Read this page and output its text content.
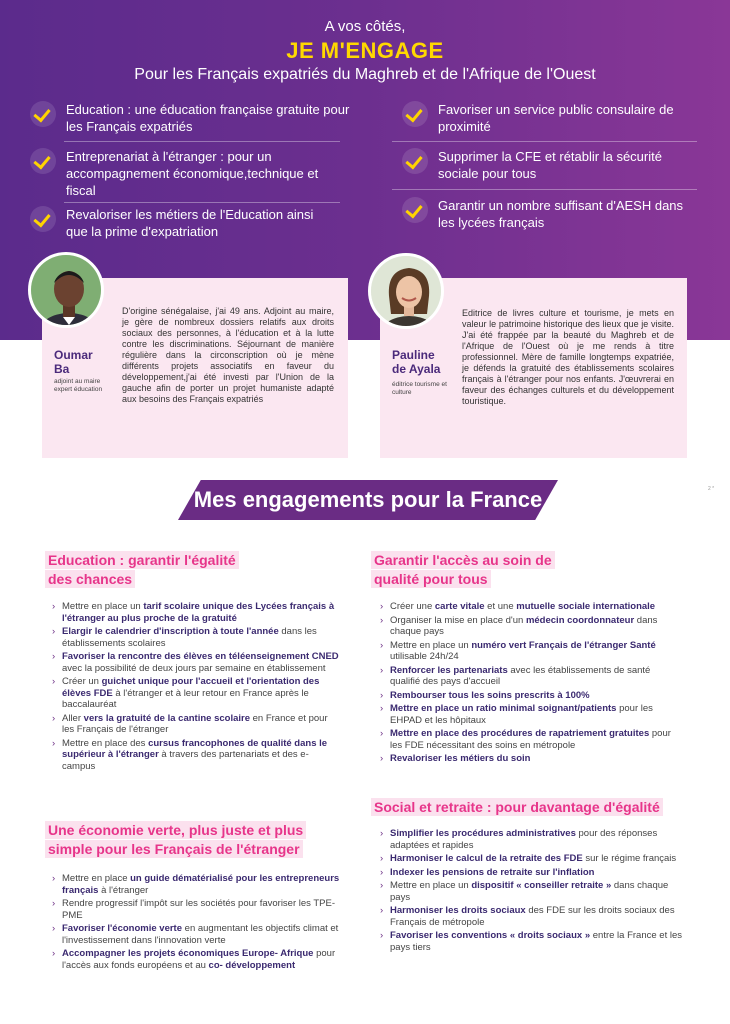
A vos côtés,
JE M'ENGAGE
Pour les Français expatriés du Maghreb et de l'Afrique de l'Ouest
Education : une éducation française gratuite pour les Français expatriés
Entreprenariat à l'étranger : pour un accompagnement économique,technique et fiscal
Revaloriser les métiers de l'Education ainsi que la prime d'expatriation
Favoriser un service public consulaire de proximité
Supprimer la CFE et rétablir la sécurité sociale pour tous
Garantir un nombre suffisant d'AESH dans les lycées français
Oumar
Ba
adjoint au maire expert éducation
D'origine sénégalaise, j'ai 49 ans. Adjoint au maire, je gère de nombreux dossiers relatifs aux droits sociaux des personnes, à l'éducation et à la lutte contre les discriminations. Séjournant de manière régulière dans la circonscription où je mène différents projets associatifs en faveur du développement,j'ai été investi par l'Union de la gauche afin de porter un projet humaniste adapté aux besoins des Français expatriés
Pauline
de Ayala
éditrice tourisme et culture
Editrice de livres culture et tourisme, je mets en valeur le patrimoine historique des lieux que je visite. J'ai été frappée par la beauté du Maghreb et de l'Afrique de l'Ouest où je me rends à titre professionnel. Mère de famille longtemps expatriée, je défends la gratuité des établissements scolaires français à l'étranger pour nos enfants. J'œuvrerai en faveur des échanges culturels et du développement touristique.
Mes engagements pour la France	2 *
Education : garantir l'égalité des chances
› Mettre en place un tarif scolaire unique des Lycées français à l'étranger au plus proche de la gratuité
› Elargir le calendrier d'inscription à toute l'année dans les établissements scolaires
› Favoriser la rencontre des élèves en téléenseignement CNED avec la possibilité de deux jours par semaine en établissement
› Créer un guichet unique pour l'accueil et l'orientation des élèves FDE à l'étranger et à leur retour en France après le baccalauréat
› Aller vers la gratuité de la cantine scolaire en France et pour les Français de l'étranger
› Mettre en place des cursus francophones de qualité dans le supérieur à l'étranger à travers des partenariats et des e-campus
Une économie verte, plus juste et plus simple pour les Français de l'étranger
› Mettre en place un guide dématérialisé pour les entrepreneurs français à l'étranger
› Rendre progressif l'impôt sur les sociétés pour favoriser les TPE-PME
› Favoriser l'économie verte en augmentant les objectifs climat et l'investissement dans l'innovation verte
› Accompagner les projets économiques Europe- Afrique pour l'accès aux fonds européens et au co- développement
Garantir l'accès au soin de qualité pour tous
› Créer une carte vitale et une mutuelle sociale internationale
› Organiser la mise en place d'un médecin coordonnateur dans chaque pays
› Mettre en place un numéro vert Français de l'étranger Santé utilisable 24h/24
› Renforcer les partenariats avec les établissements de santé qualifié des pays d'accueil
› Rembourser tous les soins prescrits à 100%
› Mettre en place un ratio minimal soignant/patients pour les EHPAD et les hôpitaux
› Mettre en place des procédures de rapatriement gratuites pour les FDE nécessitant des soins en métropole
› Revaloriser les métiers du soin
Social et retraite : pour davantage d'égalité
› Simplifier les procédures administratives pour des réponses adaptées et rapides
› Harmoniser le calcul de la retraite des FDE sur le régime français
› Indexer les pensions de retraite sur l'inflation
› Mettre en place un dispositif « conseiller retraite » dans chaque pays
› Harmoniser les droits sociaux des FDE sur les droits sociaux des Français de métropole
› Favoriser les conventions « droits sociaux » entre la France et les pays tiers
